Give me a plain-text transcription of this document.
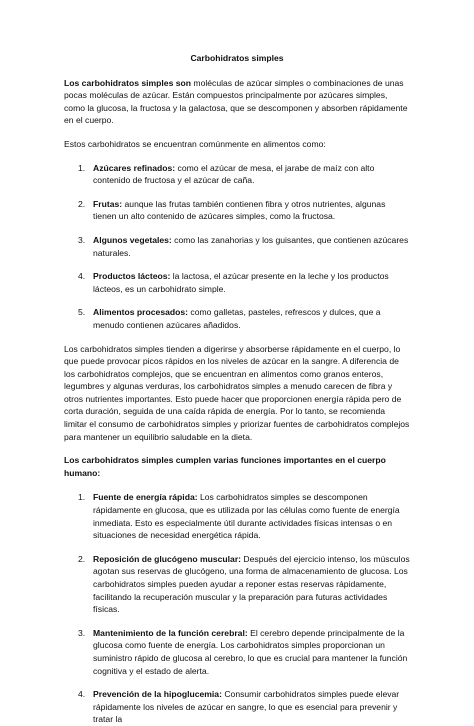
Carbohidratos simples

Los carbohidratos simples son moléculas de azúcar simples o combinaciones de unas pocas moléculas de azúcar. Están compuestos principalmente por azúcares simples, como la glucosa, la fructosa y la galactosa, que se descomponen y absorben rápidamente en el cuerpo.

Estos carbohidratos se encuentran comúnmente en alimentos como:

1. Azúcares refinados: como el azúcar de mesa, el jarabe de maíz con alto contenido de fructosa y el azúcar de caña.
2. Frutas: aunque las frutas también contienen fibra y otros nutrientes, algunas tienen un alto contenido de azúcares simples, como la fructosa.
3. Algunos vegetales: como las zanahorias y los guisantes, que contienen azúcares naturales.
4. Productos lácteos: la lactosa, el azúcar presente en la leche y los productos lácteos, es un carbohidrato simple.
5. Alimentos procesados: como galletas, pasteles, refrescos y dulces, que a menudo contienen azúcares añadidos.

Los carbohidratos simples tienden a digerirse y absorberse rápidamente en el cuerpo, lo que puede provocar picos rápidos en los niveles de azúcar en la sangre. A diferencia de los carbohidratos complejos, que se encuentran en alimentos como granos enteros, legumbres y algunas verduras, los carbohidratos simples a menudo carecen de fibra y otros nutrientes importantes. Esto puede hacer que proporcionen energía rápida pero de corta duración, seguida de una caída rápida de energía. Por lo tanto, se recomienda limitar el consumo de carbohidratos simples y priorizar fuentes de carbohidratos complejos para mantener un equilibrio saludable en la dieta.

Los carbohidratos simples cumplen varias funciones importantes en el cuerpo humano:
1. Fuente de energía rápida: Los carbohidratos simples se descomponen rápidamente en glucosa, que es utilizada por las células como fuente de energía inmediata. Esto es especialmente útil durante actividades físicas intensas o en situaciones de necesidad energética rápida.
2. Reposición de glucógeno muscular: Después del ejercicio intenso, los músculos agotan sus reservas de glucógeno, una forma de almacenamiento de glucosa. Los carbohidratos simples pueden ayudar a reponer estas reservas rápidamente, facilitando la recuperación muscular y la preparación para futuras actividades físicas.
3. Mantenimiento de la función cerebral: El cerebro depende principalmente de la glucosa como fuente de energía. Los carbohidratos simples proporcionan un suministro rápido de glucosa al cerebro, lo que es crucial para mantener la función cognitiva y el estado de alerta.
4. Prevención de la hipoglucemia: Consumir carbohidratos simples puede elevar rápidamente los niveles de azúcar en sangre, lo que es esencial para prevenir y tratar la
